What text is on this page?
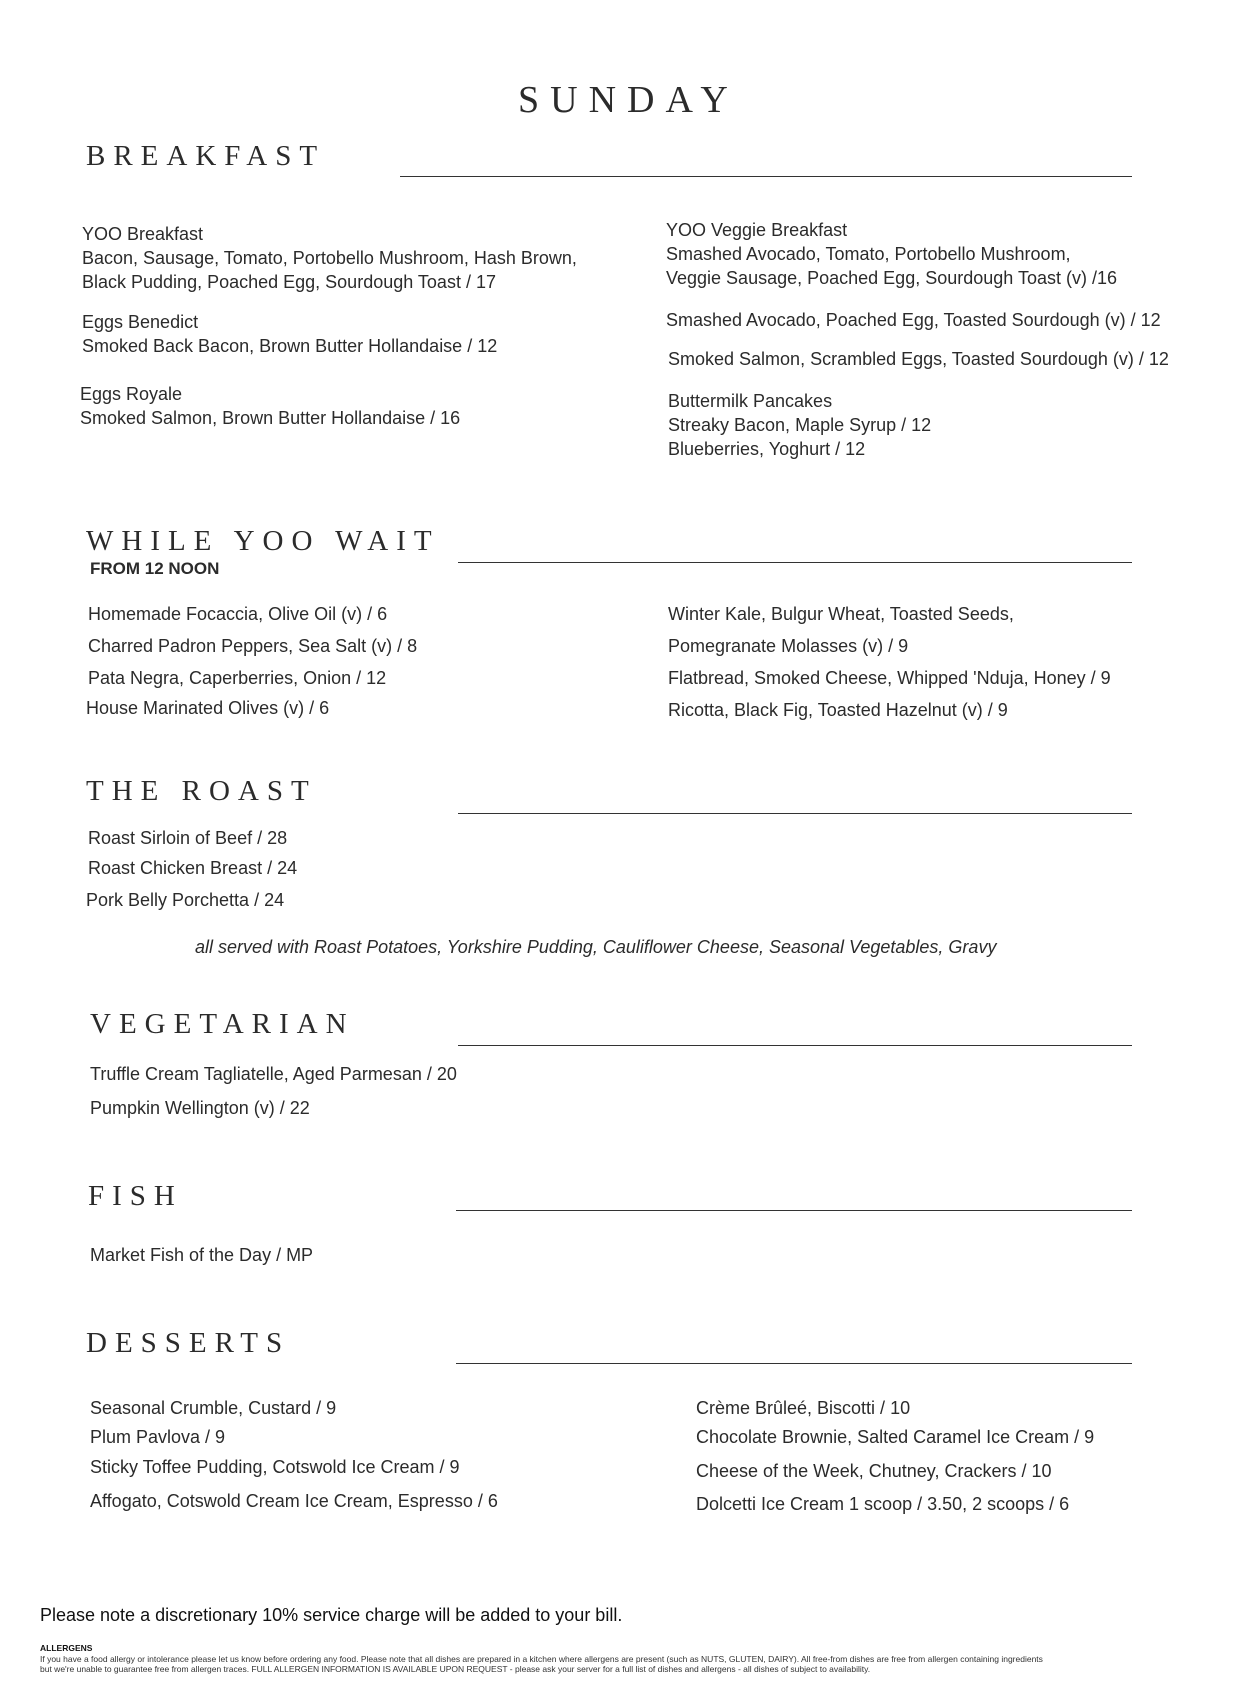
SUNDAY
BREAKFAST
YOO Breakfast
Bacon, Sausage, Tomato, Portobello Mushroom, Hash Brown,
Black Pudding, Poached Egg, Sourdough Toast / 17
Eggs Benedict
Smoked Back Bacon, Brown Butter Hollandaise / 12
Eggs Royale
Smoked Salmon, Brown Butter Hollandaise / 16
YOO Veggie Breakfast
Smashed Avocado, Tomato, Portobello Mushroom,
Veggie Sausage, Poached Egg, Sourdough Toast (v) /16
Smashed Avocado, Poached Egg, Toasted Sourdough (v) / 12
Smoked Salmon, Scrambled Eggs, Toasted Sourdough (v) / 12
Buttermilk Pancakes
Streaky Bacon, Maple Syrup / 12
Blueberries, Yoghurt / 12
WHILE YOO WAIT
FROM 12 NOON
Homemade Focaccia, Olive Oil (v) / 6
Charred Padron Peppers, Sea Salt (v) / 8
Pata Negra, Caperberries, Onion / 12
House Marinated Olives (v) / 6
Winter Kale, Bulgur Wheat, Toasted Seeds,
Pomegranate Molasses (v) / 9
Flatbread, Smoked Cheese, Whipped 'Nduja, Honey / 9
Ricotta, Black Fig, Toasted Hazelnut (v) / 9
THE ROAST
Roast Sirloin of Beef / 28
Roast Chicken Breast / 24
Pork Belly Porchetta / 24
all served with Roast Potatoes, Yorkshire Pudding, Cauliflower Cheese, Seasonal Vegetables, Gravy
VEGETARIAN
Truffle Cream Tagliatelle, Aged Parmesan / 20
Pumpkin Wellington (v) / 22
FISH
Market Fish of the Day / MP
DESSERTS
Seasonal Crumble, Custard / 9
Plum Pavlova / 9
Sticky Toffee Pudding, Cotswold Ice Cream / 9
Affogato, Cotswold Cream Ice Cream, Espresso / 6
Crème Brûleé, Biscotti / 10
Chocolate Brownie, Salted Caramel Ice Cream / 9
Cheese of the Week, Chutney, Crackers / 10
Dolcetti Ice Cream 1 scoop / 3.50, 2 scoops / 6
Please note a discretionary 10% service charge will be added to your bill.
ALLERGENS
If you have a food allergy or intolerance please let us know before ordering any food. Please note that all dishes are prepared in a kitchen where allergens are present (such as NUTS, GLUTEN, DAIRY). All free-from dishes are free from allergen containing ingredients
but we're unable to guarantee free from allergen traces. FULL ALLERGEN INFORMATION IS AVAILABLE UPON REQUEST - please ask your server for a full list of dishes and allergens - all dishes of subject to availability.
